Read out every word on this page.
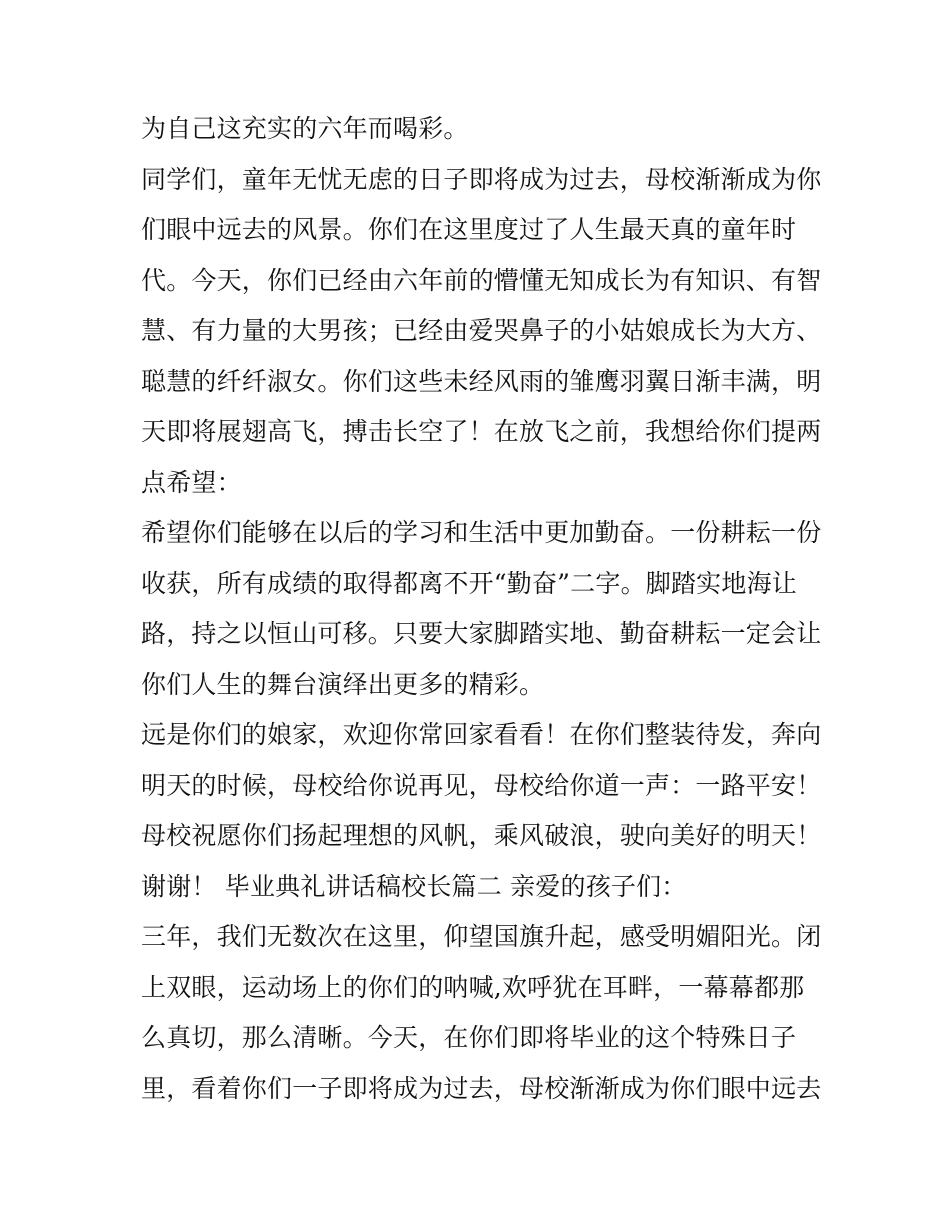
为自己这充实的六年而喝彩。
同学们，童年无忧无虑的日子即将成为过去，母校渐渐成为你
们眼中远去的风景。你们在这里度过了人生最天真的童年时
代。今天，你们已经由六年前的懵懂无知成长为有知识、有智
慧、有力量的大男孩；已经由爱哭鼻子的小姑娘成长为大方、
聪慧的纤纤淑女。你们这些未经风雨的雏鹰羽翼日渐丰满，明
天即将展翅高飞，搏击长空了！在放飞之前，我想给你们提两
点希望：
希望你们能够在以后的学习和生活中更加勤奋。一份耕耘一份
收获，所有成绩的取得都离不开“勤奋”二字。脚踏实地海让
路，持之以恒山可移。只要大家脚踏实地、勤奋耕耘一定会让
你们人生的舞台演绎出更多的精彩。
远是你们的娘家，欢迎你常回家看看！在你们整装待发，奔向
明天的时候，母校给你说再见，母校给你道一声：一路平安！
母校祝愿你们扬起理想的风帆，乘风破浪，驶向美好的明天！
谢谢！ 毕业典礼讲话稿校长篇二 亲爱的孩子们：
三年，我们无数次在这里，仰望国旗升起，感受明媚阳光。闭
上双眼，运动场上的你们的呐喊,欢呼犹在耳畔，一幕幕都那
么真切，那么清晰。今天，在你们即将毕业的这个特殊日子
里，看着你们一子即将成为过去，母校渐渐成为你们眼中远去
